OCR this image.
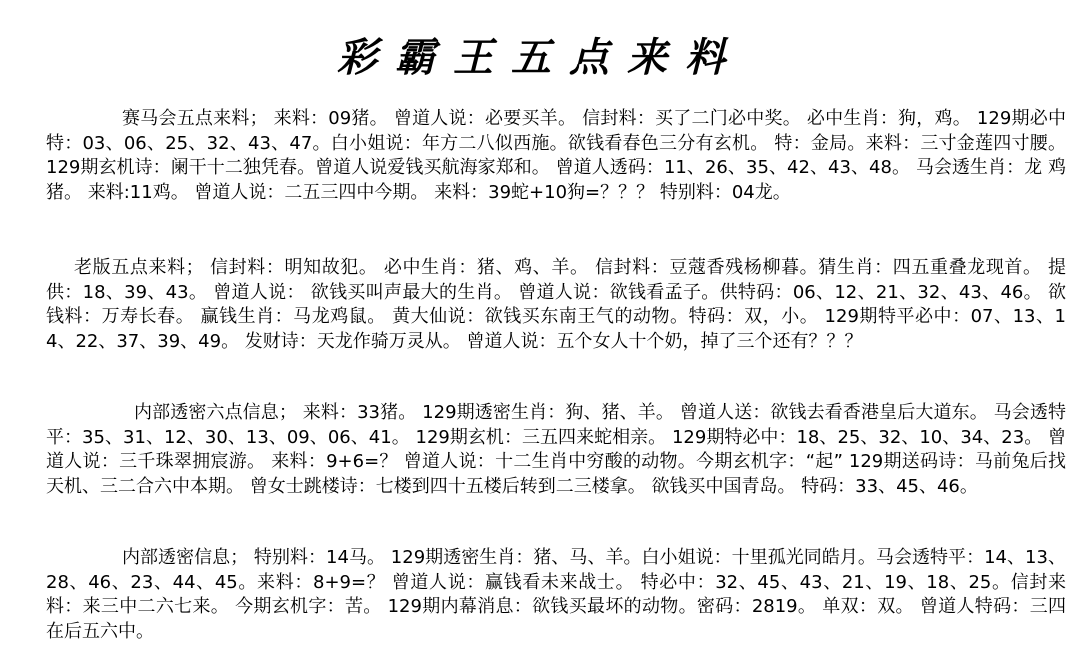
彩霸王五点来料

赛马会五点来料； 来料：09猪。 曾道人说：必要买羊。 信封料：买了二门必中奖。 必中生肖：狗，鸡。 129期必中特：03、06、25、32、43、47。白小姐说：年方二八似西施。欲钱看春色三分有玄机。 特：金局。来料：三寸金莲四寸腰。 129期玄机诗：阑干十二独凭春。曾道人说爱钱买航海家郑和。 曾道人透码：11、26、35、42、43、48。 马会透生肖：龙 鸡 猪。 来料:11鸡。 曾道人说：二五三四中今期。 来料：39蛇+10狗=？？？ 特别料：04龙。

老版五点来料； 信封料：明知故犯。 必中生肖：猪、鸡、羊。 信封料：豆蔻香残杨柳暮。猜生肖：四五重叠龙现首。 提供：18、39、43。 曾道人说： 欲钱买叫声最大的生肖。 曾道人说：欲钱看孟子。供特码：06、12、21、32、43、46。 欲钱料：万寿长春。 赢钱生肖：马龙鸡鼠。 黄大仙说：欲钱买东南王气的动物。特码：双，小。 129期特平必中：07、13、14、22、37、39、49。 发财诗：天龙作骑万灵从。 曾道人说：五个女人十个奶，掉了三个还有？？？

内部透密六点信息； 来料：33猪。 129期透密生肖：狗、猪、羊。 曾道人送：欲钱去看香港皇后大道东。 马会透特平：35、31、12、30、13、09、06、41。 129期玄机：三五四来蛇相亲。 129期特必中：18、25、32、10、34、23。 曾道人说：三千珠翠拥宸游。 来料：9+6=？ 曾道人说：十二生肖中穷酸的动物。今期玄机字：“起” 129期送码诗：马前兔后找天机、三二合六中本期。 曾女士跳楼诗：七楼到四十五楼后转到二三楼拿。 欲钱买中国青岛。 特码：33、45、46。

内部透密信息； 特别料：14马。 129期透密生肖：猪、马、羊。白小姐说：十里孤光同皓月。马会透特平：14、13、28、46、23、44、45。来料：8+9=？ 曾道人说：赢钱看未来战士。 特必中：32、45、43、21、19、18、25。信封来料：来三中二六七来。 今期玄机字：苦。 129期内幕消息：欲钱买最坏的动物。密码：2819。 单双：双。 曾道人特码：三四在后五六中。
